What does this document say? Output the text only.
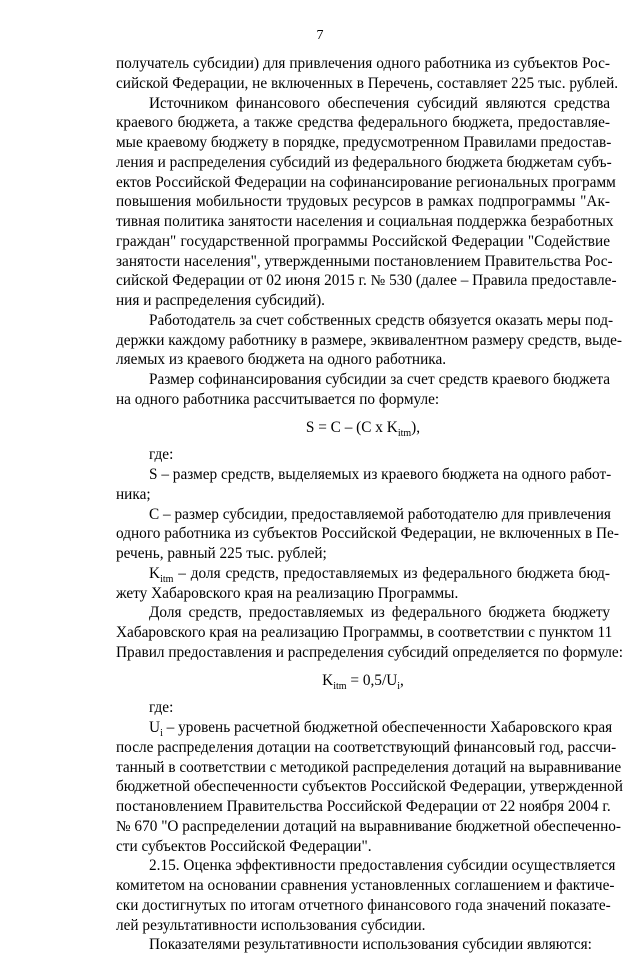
7
получатель субсидии) для привлечения одного работника из субъектов Рос-
сийской Федерации, не включенных в Перечень, составляет 225 тыс. рублей.
Источником финансового обеспечения субсидий являются средства
краевого бюджета, а также средства федерального бюджета, предоставляе-
мые краевому бюджету в порядке, предусмотренном Правилами предостав-
ления и распределения субсидий из федерального бюджета бюджетам субъ-
ектов Российской Федерации на софинансирование региональных программ
повышения мобильности трудовых ресурсов в рамках подпрограммы "Ак-
тивная политика занятости населения и социальная поддержка безработных
граждан" государственной программы Российской Федерации "Содействие
занятости населения", утвержденными постановлением Правительства Рос-
сийской Федерации от 02 июня 2015 г. № 530 (далее – Правила предоставле-
ния и распределения субсидий).
Работодатель за счет собственных средств обязуется оказать меры под-
держки каждому работнику в размере, эквивалентном размеру средств, выде-
ляемых из краевого бюджета на одного работника.
Размер софинансирования субсидии за счет средств краевого бюджета
на одного работника рассчитывается по формуле:
S = C – (C x $K_{itm}$),
где:
S – размер средств, выделяемых из краевого бюджета на одного работ-
ника;
C – размер субсидии, предоставляемой работодателю для привлечения
одного работника из субъектов Российской Федерации, не включенных в Пе-
речень, равный 225 тыс. рублей;
$K_{itm}$ – доля средств, предоставляемых из федерального бюджета бюд-
жету Хабаровского края на реализацию Программы.
Доля средств, предоставляемых из федерального бюджета бюджету
Хабаровского края на реализацию Программы, в соответствии с пунктом 11
Правил предоставления и распределения субсидий определяется по формуле:
$K_{itm} = 0,5/U_i$,
где:
$U_i$ – уровень расчетной бюджетной обеспеченности Хабаровского края
после распределения дотации на соответствующий финансовый год, рассчи-
танный в соответствии с методикой распределения дотаций на выравнивание
бюджетной обеспеченности субъектов Российской Федерации, утвержденной
постановлением Правительства Российской Федерации от 22 ноября 2004 г.
№ 670 "О распределении дотаций на выравнивание бюджетной обеспеченно-
сти субъектов Российской Федерации".
2.15. Оценка эффективности предоставления субсидии осуществляется
комитетом на основании сравнения установленных соглашением и фактиче-
ски достигнутых по итогам отчетного финансового года значений показате-
лей результативности использования субсидии.
Показателями результативности использования субсидии являются:
